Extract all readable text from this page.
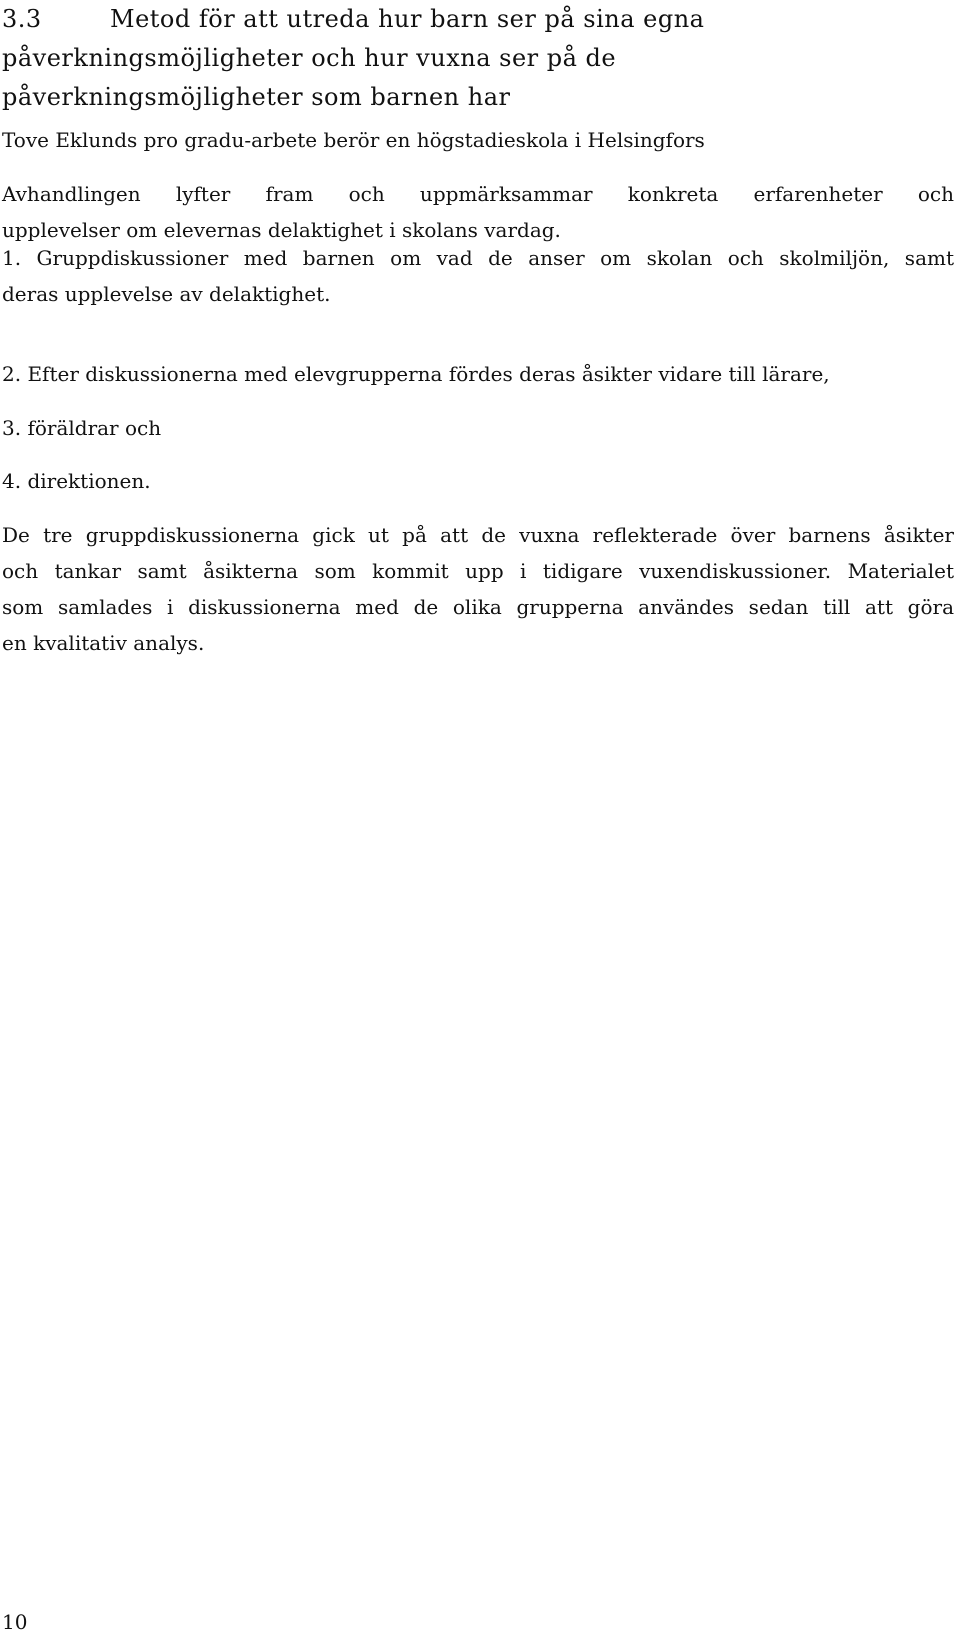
3.3	Metod för att utreda hur barn ser på sina egna
påverkningsmöjligheter och hur vuxna ser på de
påverkningsmöjligheter som barnen har
Tove Eklunds pro gradu-arbete berör en högstadieskola i Helsingfors
Avhandlingen lyfter fram och uppmärksammar konkreta erfarenheter och
upplevelser om elevernas delaktighet i skolans vardag.
1. Gruppdiskussioner med barnen om vad de anser om skolan och skolmiljön, samt
deras upplevelse av delaktighet.
2. Efter diskussionerna med elevgrupperna fördes deras åsikter vidare till lärare,
3. föräldrar och
4. direktionen.
De tre gruppdiskussionerna gick ut på att de vuxna reflekterade över barnens åsikter
och tankar samt åsikterna som kommit upp i tidigare vuxendiskussioner. Materialet
som samlades i diskussionerna med de olika grupperna användes sedan till att göra
en kvalitativ analys.
10
